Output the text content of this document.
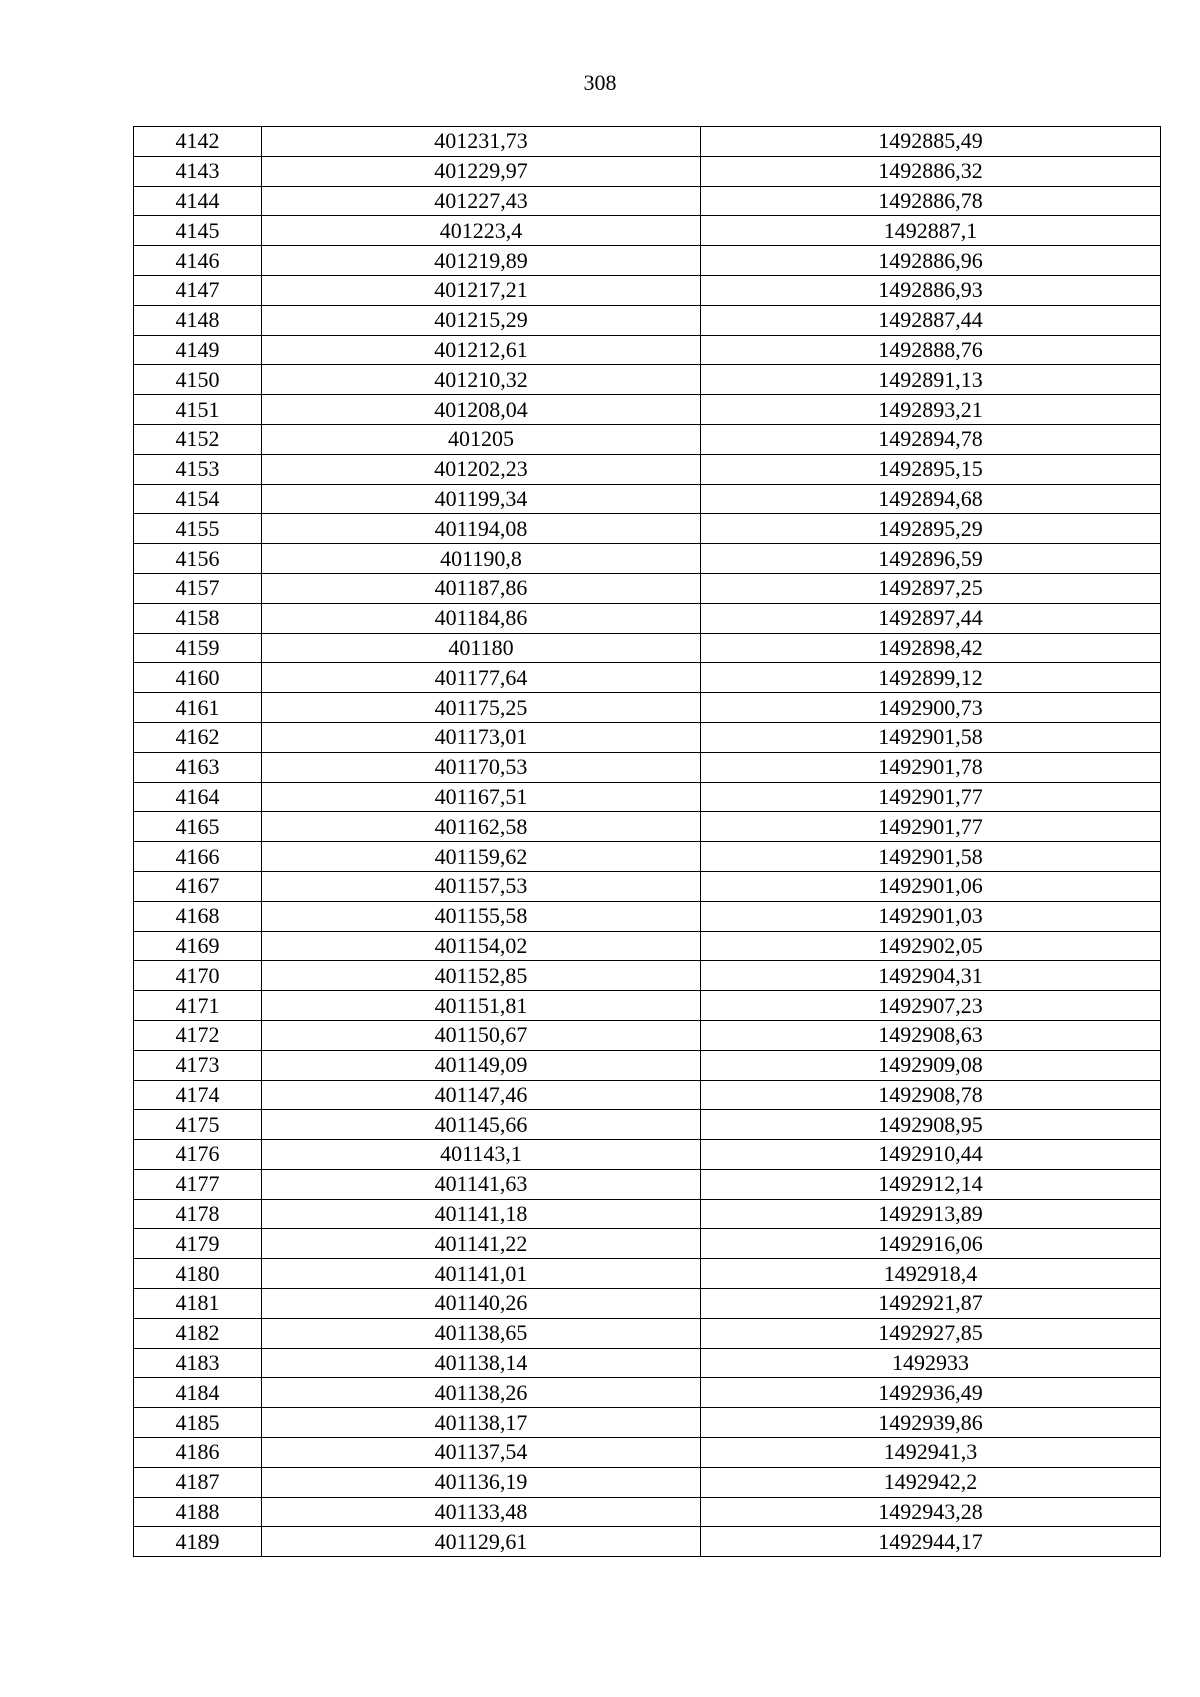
308
4142	401231,73	1492885,49
4143	401229,97	1492886,32
4144	401227,43	1492886,78
4145	401223,4	1492887,1
4146	401219,89	1492886,96
4147	401217,21	1492886,93
4148	401215,29	1492887,44
4149	401212,61	1492888,76
4150	401210,32	1492891,13
4151	401208,04	1492893,21
4152	401205	1492894,78
4153	401202,23	1492895,15
4154	401199,34	1492894,68
4155	401194,08	1492895,29
4156	401190,8	1492896,59
4157	401187,86	1492897,25
4158	401184,86	1492897,44
4159	401180	1492898,42
4160	401177,64	1492899,12
4161	401175,25	1492900,73
4162	401173,01	1492901,58
4163	401170,53	1492901,78
4164	401167,51	1492901,77
4165	401162,58	1492901,77
4166	401159,62	1492901,58
4167	401157,53	1492901,06
4168	401155,58	1492901,03
4169	401154,02	1492902,05
4170	401152,85	1492904,31
4171	401151,81	1492907,23
4172	401150,67	1492908,63
4173	401149,09	1492909,08
4174	401147,46	1492908,78
4175	401145,66	1492908,95
4176	401143,1	1492910,44
4177	401141,63	1492912,14
4178	401141,18	1492913,89
4179	401141,22	1492916,06
4180	401141,01	1492918,4
4181	401140,26	1492921,87
4182	401138,65	1492927,85
4183	401138,14	1492933
4184	401138,26	1492936,49
4185	401138,17	1492939,86
4186	401137,54	1492941,3
4187	401136,19	1492942,2
4188	401133,48	1492943,28
4189	401129,61	1492944,17
